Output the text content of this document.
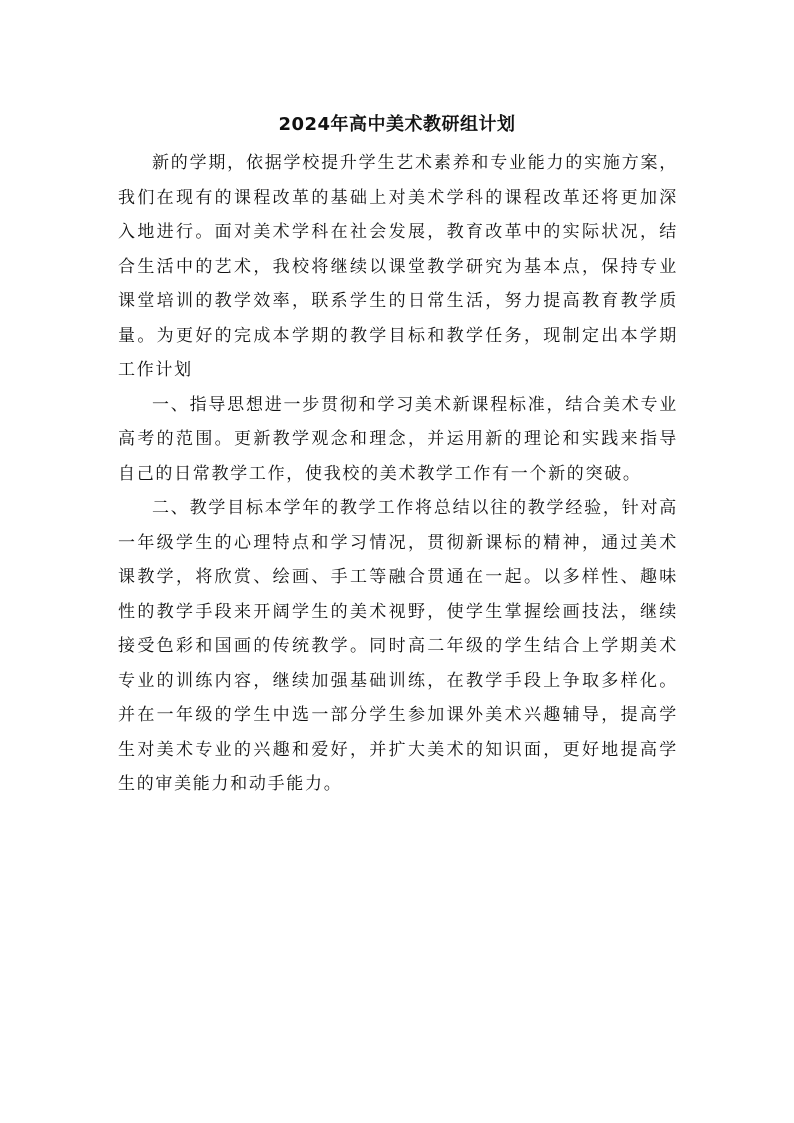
2024年高中美术教研组计划

新的学期，依据学校提升学生艺术素养和专业能力的实施方案，我们在现有的课程改革的基础上对美术学科的课程改革还将更加深入地进行。面对美术学科在社会发展，教育改革中的实际状况，结合生活中的艺术，我校将继续以课堂教学研究为基本点，保持专业课堂培训的教学效率，联系学生的日常生活，努力提高教育教学质量。为更好的完成本学期的教学目标和教学任务，现制定出本学期工作计划

一、指导思想进一步贯彻和学习美术新课程标准，结合美术专业高考的范围。更新教学观念和理念，并运用新的理论和实践来指导自己的日常教学工作，使我校的美术教学工作有一个新的突破。

二、教学目标本学年的教学工作将总结以往的教学经验，针对高一年级学生的心理特点和学习情况，贯彻新课标的精神，通过美术课教学，将欣赏、绘画、手工等融合贯通在一起。以多样性、趣味性的教学手段来开阔学生的美术视野，使学生掌握绘画技法，继续接受色彩和国画的传统教学。同时高二年级的学生结合上学期美术专业的训练内容，继续加强基础训练，在教学手段上争取多样化。并在一年级的学生中选一部分学生参加课外美术兴趣辅导，提高学生对美术专业的兴趣和爱好，并扩大美术的知识面，更好地提高学生的审美能力和动手能力。
